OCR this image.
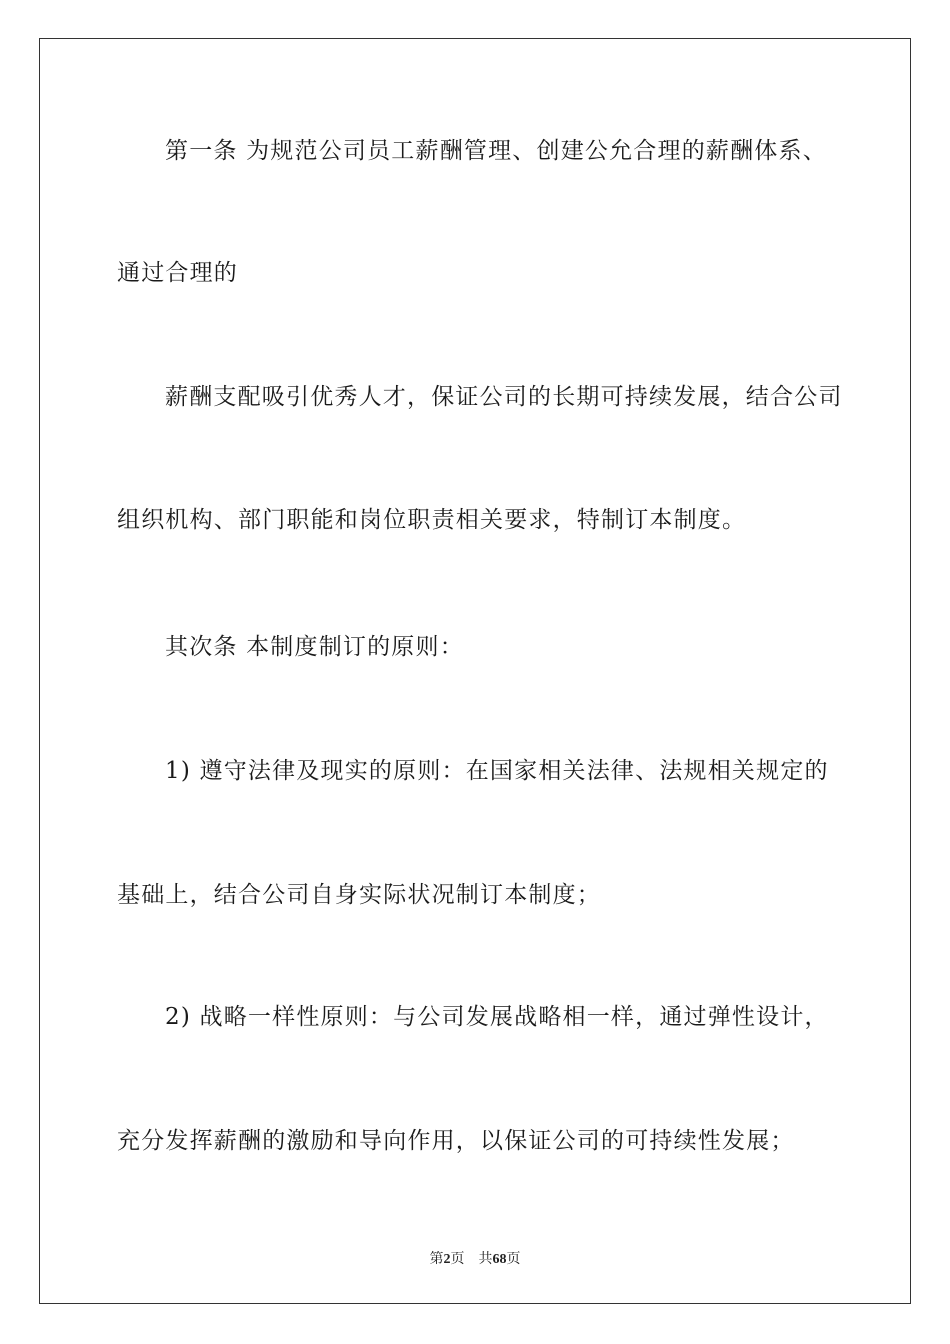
第一条 为规范公司员工薪酬管理、创建公允合理的薪酬体系、
通过合理的
薪酬支配吸引优秀人才，保证公司的长期可持续发展，结合公司
组织机构、部门职能和岗位职责相关要求，特制订本制度。
其次条 本制度制订的原则：
1) 遵守法律及现实的原则：在国家相关法律、法规相关规定的
基础上，结合公司自身实际状况制订本制度；
2) 战略一样性原则：与公司发展战略相一样，通过弹性设计，
充分发挥薪酬的激励和导向作用，以保证公司的可持续性发展；
第2页 共68页
